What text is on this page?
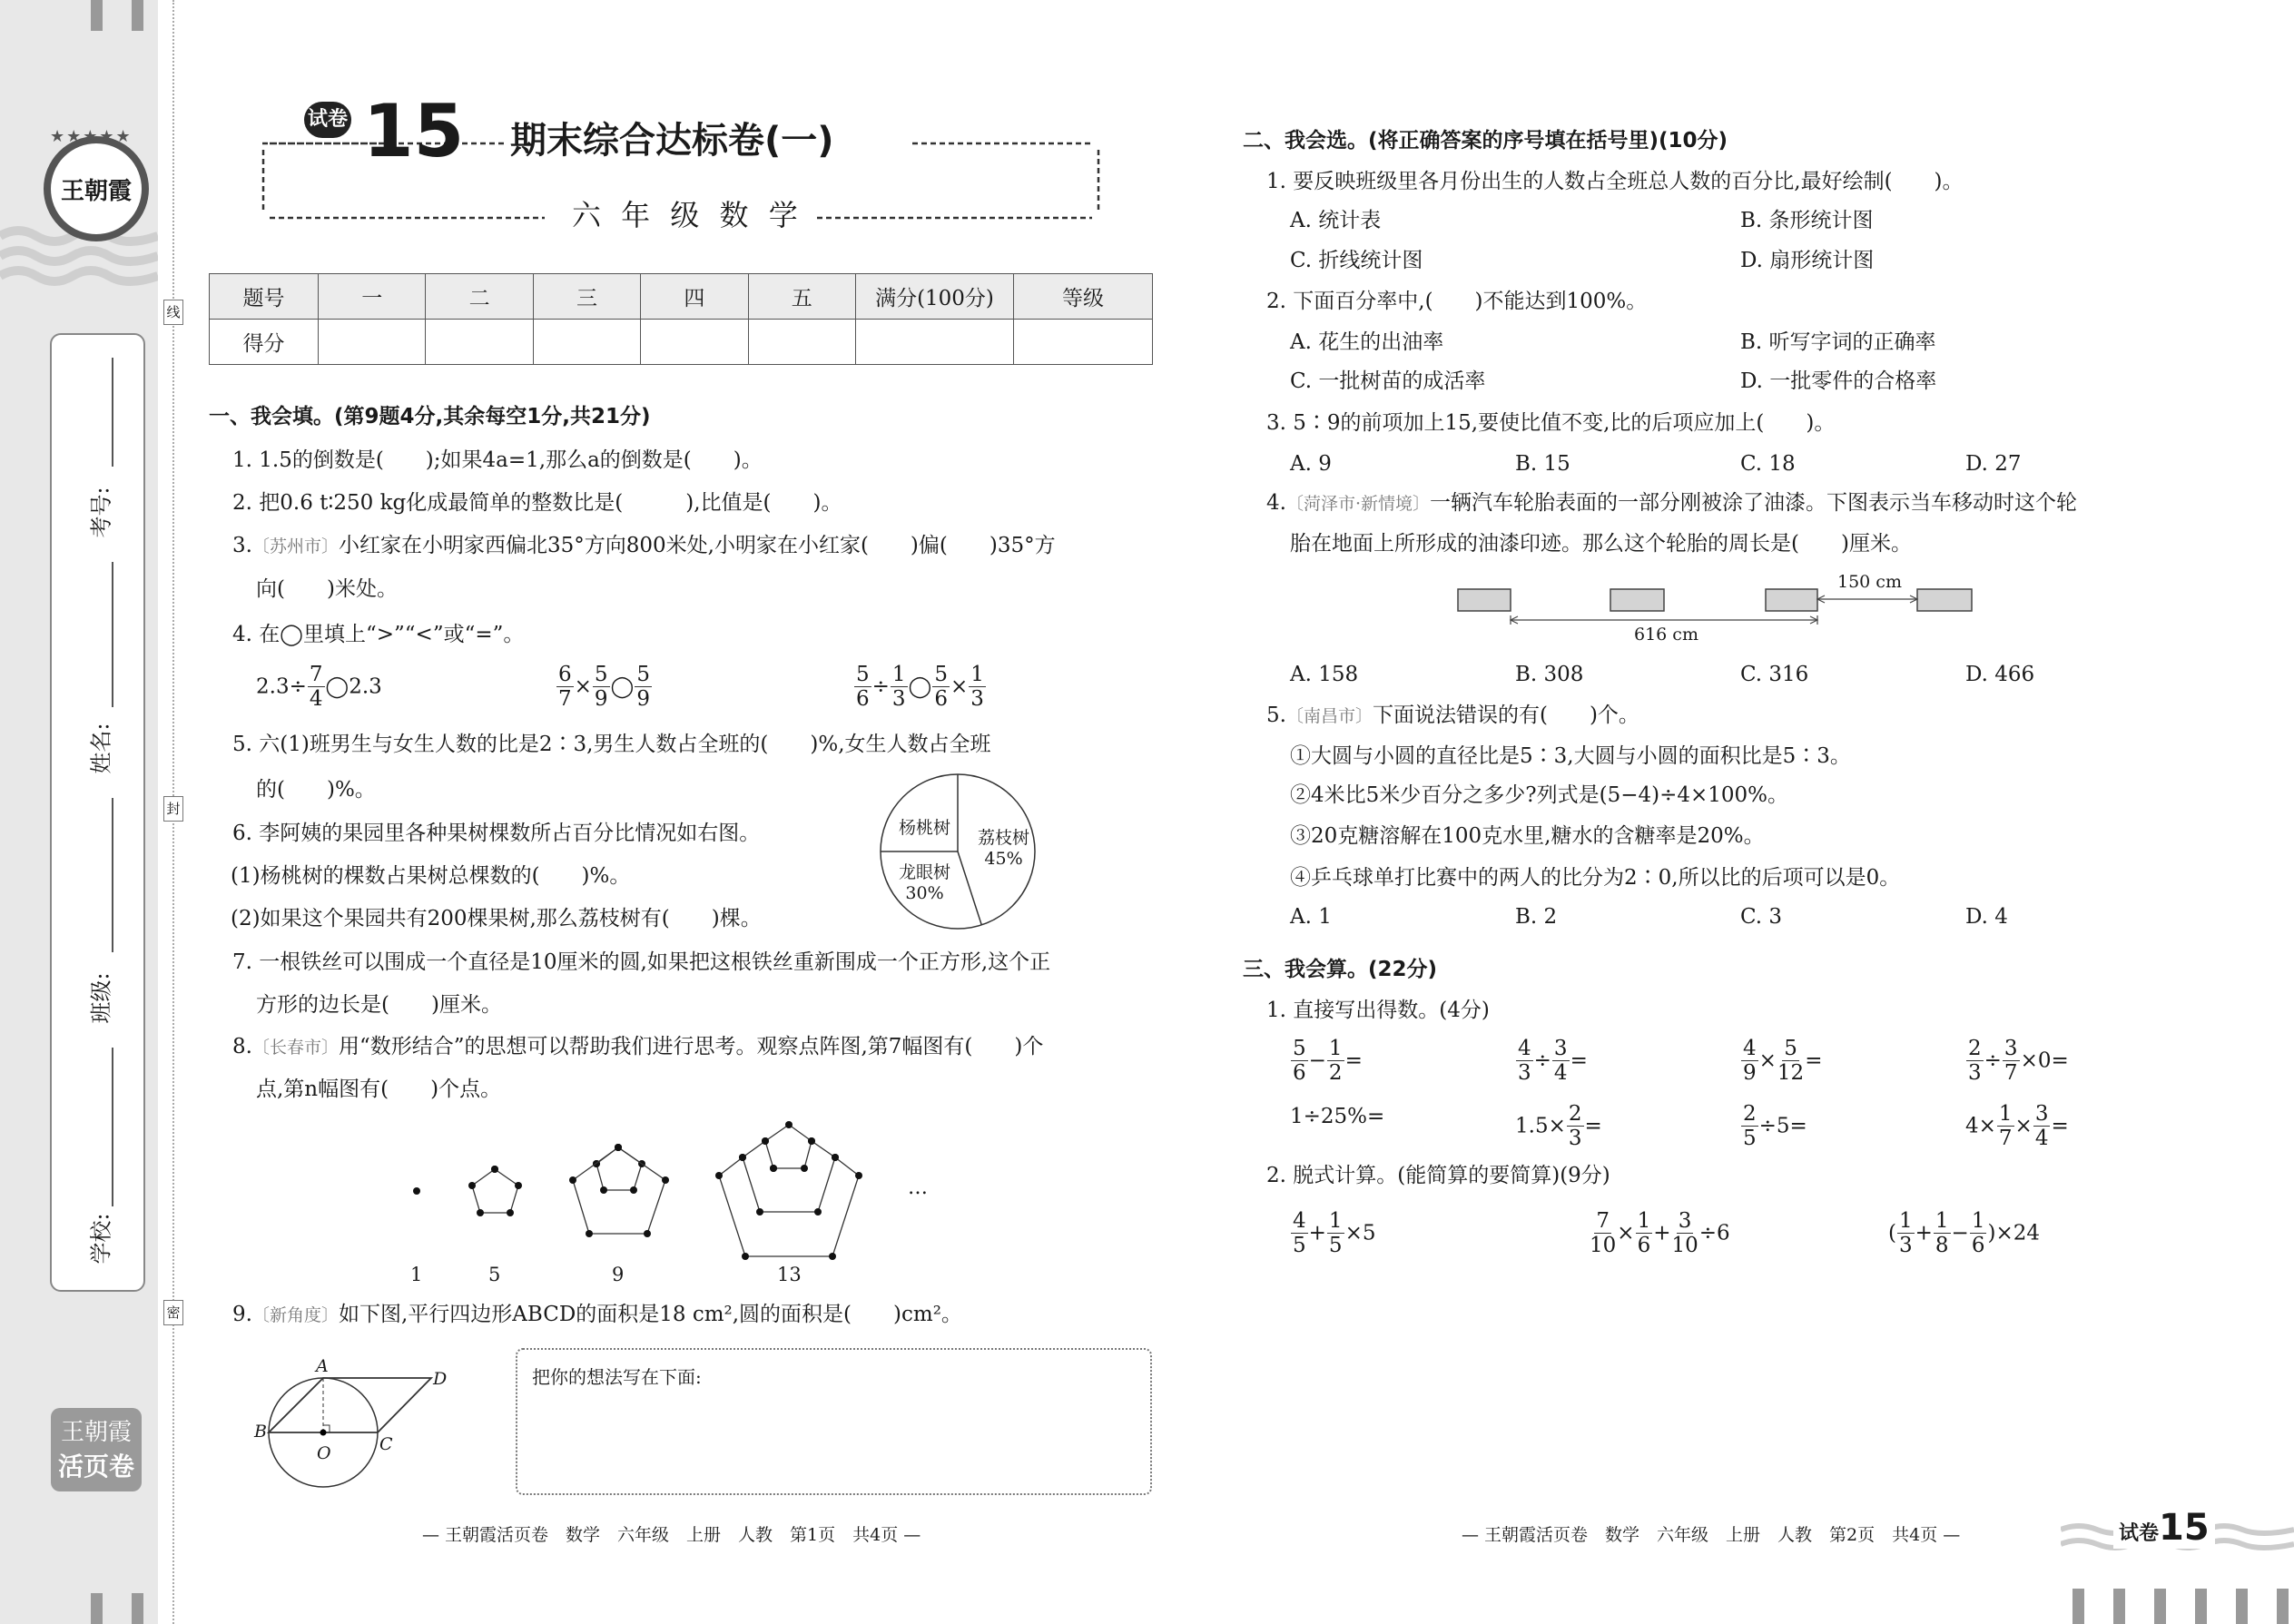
王朝霞
★★★★★
线
封
密
考号:
姓名:
班级:
学校:
王朝霞
活页卷
试卷 15 期末综合达标卷(一)
六 年 级 数 学
题号	一	二	三	四	五	满分(100分)	等级
得分							
一、我会填。(第9题4分,其余每空1分,共21分)
1. 1.5的倒数是(　　);如果4a=1,那么a的倒数是(　　)。
2. 把0.6 t∶250 kg化成最简单的整数比是(　　　),比值是(　　)。
3.〔苏州市〕小红家在小明家西偏北35°方向800米处,小明家在小红家(　　)偏(　　)35°方
向(　　)米处。
4. 在◯里填上“>”“<”或“=”。
$2.3\div \frac{7}{4}$ ◯2.3	$\frac{6}{7} \times \frac{5}{9}$ ◯ $\frac{5}{9}$	$\frac{5}{6} \div \frac{1}{3}$ ◯ $\frac{5}{6} \times \frac{1}{3}$
5. 六(1)班男生与女生人数的比是2∶3,男生人数占全班的(　　)%,女生人数占全班
的(　　)%。
6. 李阿姨的果园里各种果树棵数所占百分比情况如右图。
(1)杨桃树的棵数占果树总棵数的(　　)%。
(2)如果这个果园共有200棵果树,那么荔枝树有(　　)棵。
杨桃树 荔枝树
45%
龙眼树
30%
7. 一根铁丝可以围成一个直径是10厘米的圆,如果把这根铁丝重新围成一个正方形,这个正
方形的边长是(　　)厘米。
8.〔长春市〕用“数形结合”的思想可以帮助我们进行思考。观察点阵图,第7幅图有(　　)个
点,第n幅图有(　　)个点。
1	5	9	13
…
9.〔新角度〕如下图,平行四边形ABCD的面积是18 cm²,圆的面积是(　　)cm²。
A
B
C
D
O
把你的想法写在下面:
— 王朝霞活页卷　数学　六年级　上册　人教　第1页　共4页 —
二、我会选。(将正确答案的序号填在括号里)(10分)
1. 要反映班级里各月份出生的人数占全班总人数的百分比,最好绘制(　　)。
A. 统计表	B. 条形统计图
C. 折线统计图	D. 扇形统计图
2. 下面百分率中,(　　)不能达到100%。
A. 花生的出油率	B. 听写字词的正确率
C. 一批树苗的成活率	D. 一批零件的合格率
3. 5∶9的前项加上15,要使比值不变,比的后项应加上(　　)。
A. 9	B. 15	C. 18	D. 27
4.〔菏泽市·新情境〕一辆汽车轮胎表面的一部分刚被涂了油漆。下图表示当车移动时这个轮
胎在地面上所形成的油漆印迹。那么这个轮胎的周长是(　　)厘米。
616 cm
150 cm
A. 158	B. 308	C. 316	D. 466
5.〔南昌市〕下面说法错误的有(　　)个。
①大圆与小圆的直径比是5∶3,大圆与小圆的面积比是5∶3。
②4米比5米少百分之多少?列式是(5−4)÷4×100%。
③20克糖溶解在100克水里,糖水的含糖率是20%。
④乒乓球单打比赛中的两人的比分为2∶0,所以比的后项可以是0。
A. 1	B. 2	C. 3	D. 4
三、我会算。(22分)
1. 直接写出得数。(4分)
$\frac{5}{6} - \frac{1}{2}$ =	$\frac{4}{3} \div \frac{3}{4}$ =	$\frac{4}{9} \times \frac{5}{12}$ =	$\frac{2}{3} \div \frac{3}{7} \times 0=$
1÷25%=	$1.5\times \frac{2}{3}$ =	$\frac{2}{5} \div 5=$	$4\times \frac{1}{7} \times \frac{3}{4}$ =
2. 脱式计算。(能简算的要简算)(9分)
$\frac{4}{5} + \frac{1}{5} \times 5$	$\frac{7}{10} \times \frac{1}{6} + \frac{3}{10} \div 6$	( $\frac{1}{3} + \frac{1}{8} - \frac{1}{6} )\times 24$
— 王朝霞活页卷　数学　六年级　上册　人教　第2页　共4页 —	试卷 15
